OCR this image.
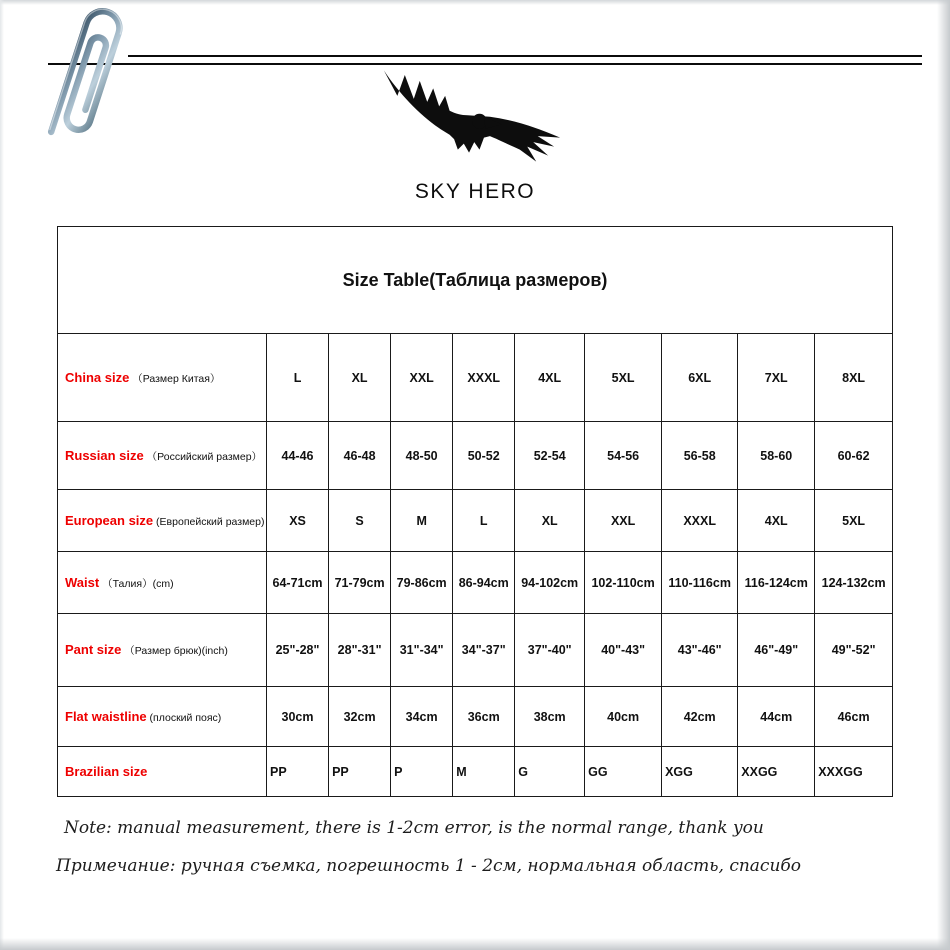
SKY HERO
Size Table(Таблица размеров)									
China size （Размер Китая）	L	XL	XXL	XXXL	4XL	5XL	6XL	7XL	8XL
Russian size （Российский размер）	44-46	46-48	48-50	50-52	52-54	54-56	56-58	58-60	60-62
European size (Европейский размер)	XS	S	M	L	XL	XXL	XXXL	4XL	5XL
Waist （Талия）(cm)	64-71cm	71-79cm	79-86cm	86-94cm	94-102cm	102-110cm	110-116cm	116-124cm	124-132cm
Pant size （Размер брюк)(inch)	25"-28"	28"-31"	31"-34"	34"-37"	37"-40"	40"-43"	43"-46"	46"-49"	49"-52"
Flat waistline (плоский пояс)	30cm	32cm	34cm	36cm	38cm	40cm	42cm	44cm	46cm
Brazilian size	PP	PP	P	M	G	GG	XGG	XXGG	XXXGG
Note: manual measurement, there is 1-2cm error, is the normal range, thank you
Примечание: ручная съемка, погрешность 1 - 2см, нормальная область, спасибо
